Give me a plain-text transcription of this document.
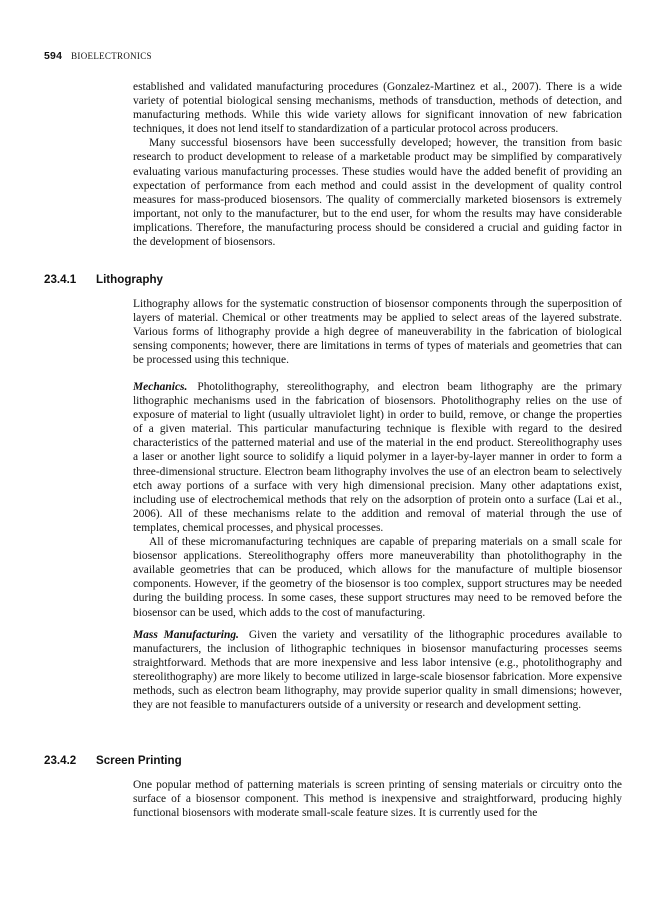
594 BIOELECTRONICS

established and validated manufacturing procedures (Gonzalez-Martinez et al., 2007). There is a wide variety of potential biological sensing mechanisms, methods of transduction, methods of detection, and manufacturing methods. While this wide variety allows for significant innovation of new fabrication techniques, it does not lend itself to standardization of a particular protocol across producers.

Many successful biosensors have been successfully developed; however, the transition from basic research to product development to release of a marketable product may be simplified by comparatively evaluating various manufacturing processes. These studies would have the added benefit of providing an expectation of performance from each method and could assist in the development of quality control measures for mass-produced biosensors. The quality of commercially marketed biosensors is extremely important, not only to the manufacturer, but to the end user, for whom the results may have considerable implications. Therefore, the manufacturing process should be considered a crucial and guiding factor in the development of biosensors.

23.4.1 Lithography

Lithography allows for the systematic construction of biosensor components through the superposition of layers of material. Chemical or other treatments may be applied to select areas of the layered substrate. Various forms of lithography provide a high degree of maneuverability in the fabrication of biological sensing components; however, there are limitations in terms of types of materials and geometries that can be processed using this technique.

Mechanics. Photolithography, stereolithography, and electron beam lithography are the primary lithographic mechanisms used in the fabrication of biosensors. Photolithography relies on the use of exposure of material to light (usually ultraviolet light) in order to build, remove, or change the properties of a given material. This particular manufacturing technique is flexible with regard to the desired characteristics of the patterned material and use of the material in the end product. Stereolithography uses a laser or another light source to solidify a liquid polymer in a layer-by-layer manner in order to form a three-dimensional structure. Electron beam lithography involves the use of an electron beam to selectively etch away portions of a surface with very high dimensional precision. Many other adaptations exist, including use of electrochemical methods that rely on the adsorption of protein onto a surface (Lai et al., 2006). All of these mechanisms relate to the addition and removal of material through the use of templates, chemical processes, and physical processes.

All of these micromanufacturing techniques are capable of preparing materials on a small scale for biosensor applications. Stereolithography offers more maneuverability than photolithography in the available geometries that can be produced, which allows for the manufacture of multiple biosensor components. However, if the geometry of the biosensor is too complex, support structures may be needed during the building process. In some cases, these support structures may need to be removed before the biosensor can be used, which adds to the cost of manufacturing.

Mass Manufacturing. Given the variety and versatility of the lithographic procedures available to manufacturers, the inclusion of lithographic techniques in biosensor manufacturing processes seems straightforward. Methods that are more inexpensive and less labor intensive (e.g., photolithography and stereolithography) are more likely to become utilized in large-scale biosensor fabrication. More expensive methods, such as electron beam lithography, may provide superior quality in small dimensions; however, they are not feasible to manufacturers outside of a university or research and development setting.

23.4.2 Screen Printing

One popular method of patterning materials is screen printing of sensing materials or circuitry onto the surface of a biosensor component. This method is inexpensive and straightforward, producing highly functional biosensors with moderate small-scale feature sizes. It is currently used for the
